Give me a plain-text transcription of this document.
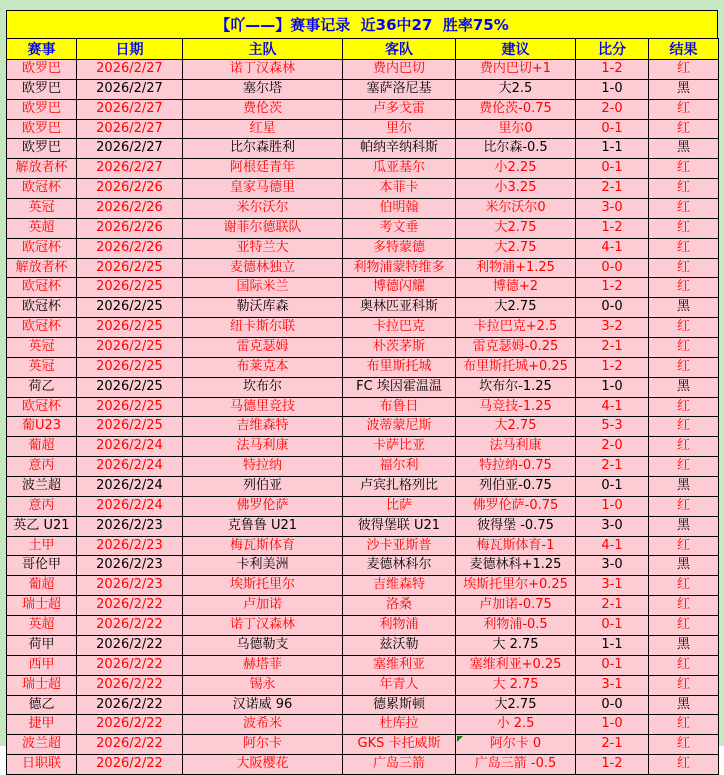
【吖——】赛事记录  近36中27  胜率75%
赛事	日期	主队	客队	建议	比分	结果
欧罗巴	2026/2/27	诺丁汉森林	费内巴切	费内巴切+1	1-2	红
欧罗巴	2026/2/27	塞尔塔	塞萨洛尼基	大2.5	1-0	黑
欧罗巴	2026/2/27	费伦茨	卢多戈雷	费伦茨-0.75	2-0	红
欧罗巴	2026/2/27	红星	里尔	里尔0	0-1	红
欧罗巴	2026/2/27	比尔森胜利	帕纳辛纳科斯	比尔森-0.5	1-1	黑
解放者杯	2026/2/27	阿根廷青年	瓜亚基尔	小2.25	0-1	红
欧冠杯	2026/2/26	皇家马德里	本菲卡	小3.25	2-1	红
英冠	2026/2/26	米尔沃尔	伯明翰	米尔沃尔0	3-0	红
英超	2026/2/26	谢菲尔德联队	考文垂	大2.75	1-2	红
欧冠杯	2026/2/26	亚特兰大	多特蒙德	大2.75	4-1	红
解放者杯	2026/2/25	麦德林独立	利物浦蒙特维多	利物浦+1.25	0-0	红
欧冠杯	2026/2/25	国际米兰	博德闪耀	博德+2	1-2	红
欧冠杯	2026/2/25	勒沃库森	奥林匹亚科斯	大2.75	0-0	黑
欧冠杯	2026/2/25	纽卡斯尔联	卡拉巴克	卡拉巴克+2.5	3-2	红
英冠	2026/2/25	雷克瑟姆	朴茨茅斯	雷克瑟姆-0.25	2-1	红
英冠	2026/2/25	布莱克本	布里斯托城	布里斯托城+0.25	1-2	红
荷乙	2026/2/25	坎布尔	FC 埃因霍温温	坎布尔-1.25	1-0	黑
欧冠杯	2026/2/25	马德里竞技	布鲁日	马竞技-1.25	4-1	红
葡U23	2026/2/25	吉维森特	波蒂蒙尼斯	大2.75	5-3	红
葡超	2026/2/24	法马利康	卡萨比亚	法马利康	2-0	红
意丙	2026/2/24	特拉纳	福尔利	特拉纳-0.75	2-1	红
波兰超	2026/2/24	列伯亚	卢宾扎格列比	列伯亚-0.75	0-1	黑
意丙	2026/2/24	佛罗伦萨	比萨	佛罗伦萨-0.75	1-0	红
英乙 U21	2026/2/23	克鲁鲁 U21	彼得堡联 U21	彼得堡 -0.75	3-0	黑
土甲	2026/2/23	梅瓦斯体育	沙卡亚斯普	梅瓦斯体育-1	4-1	红
哥伦甲	2026/2/23	卡利美洲	麦德林科尔	麦德林科+1.25	3-0	黑
葡超	2026/2/23	埃斯托里尔	吉维森特	埃斯托里尔+0.25	3-1	红
瑞士超	2026/2/22	卢加诺	洛桑	卢加诺-0.75	2-1	红
英超	2026/2/22	诺丁汉森林	利物浦	利物浦-0.5	0-1	红
荷甲	2026/2/22	乌德勒支	兹沃勒	大 2.75	1-1	黑
西甲	2026/2/22	赫塔菲	塞维利亚	塞维利亚+0.25	0-1	红
瑞士超	2026/2/22	锡永	年青人	大 2.75	3-1	红
德乙	2026/2/22	汉诺威 96	德累斯顿	大2.75	0-0	黑
捷甲	2026/2/22	波希米	杜库拉	小 2.5	1-0	红
波兰超	2026/2/22	阿尔卡	GKS 卡托威斯	阿尔卡 0	2-1	红
日职联	2026/2/22	大阪樱花	广岛三箭	广岛三箭 -0.5	1-2	红
